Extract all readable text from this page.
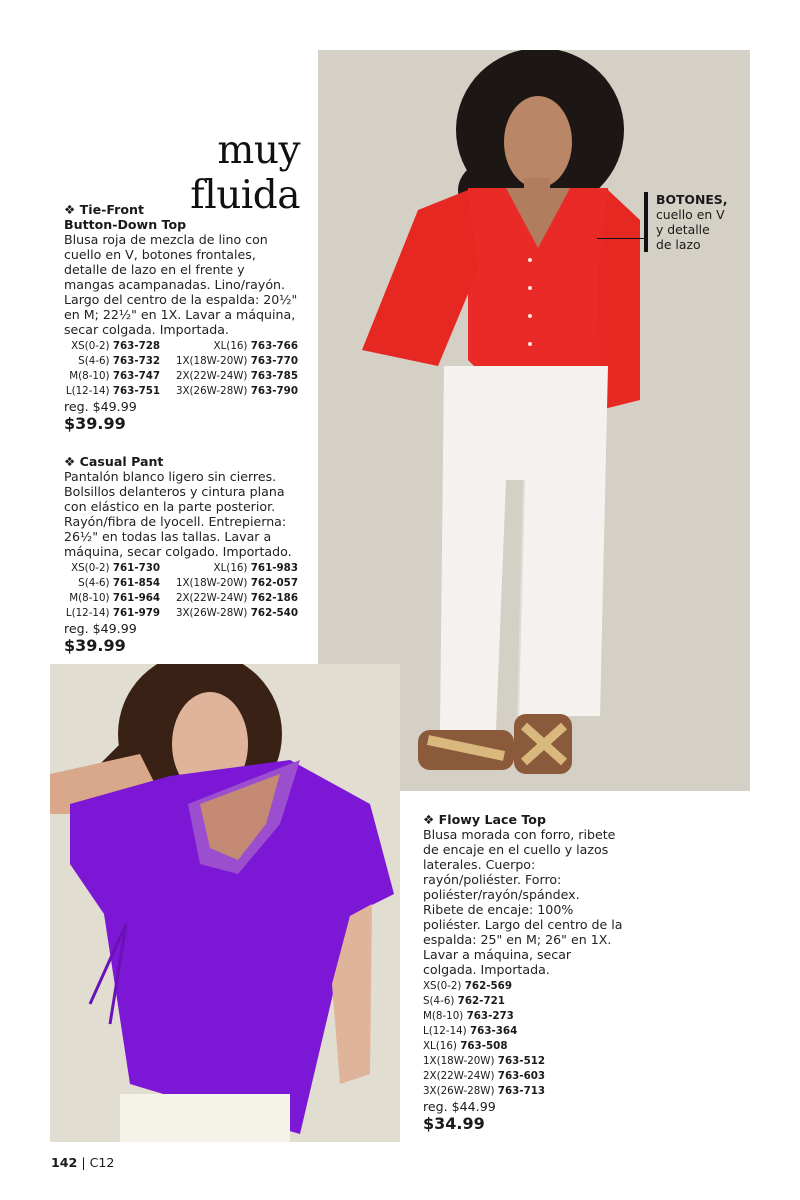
muy fluida	BOTONES,
cuello en V
y detalle
de lazo
❖ Tie-Front
Button-Down Top
Blusa roja de mezcla de lino con cuello en V, botones frontales, detalle de lazo en el frente y mangas acampanadas. Lino/rayón. Largo del centro de la espalda: 20½" en M; 22½" en 1X. Lavar a máquina, secar colgada. Importada.
XS(0-2) 763-728	XL(16) 763-766
S(4-6) 763-732 1X(18W-20W) 763-770
M(8-10) 763-747 2X(22W-24W) 763-785
L(12-14) 763-751 3X(26W-28W) 763-790
reg. $49.99
$39.99
❖ Casual Pant
Pantalón blanco ligero sin cierres. Bolsillos delanteros y cintura plana con elástico en la parte posterior. Rayón/fibra de lyocell. Entrepierna: 26½" en todas las tallas. Lavar a máquina, secar colgado. Importado.
XS(0-2) 761-730	XL(16) 761-983
S(4-6) 761-854 1X(18W-20W) 762-057
M(8-10) 761-964 2X(22W-24W) 762-186
L(12-14) 761-979 3X(26W-28W) 762-540
reg. $49.99
$39.99
❖ Flowy Lace Top
Blusa morada con forro, ribete de encaje en el cuello y lazos laterales. Cuerpo: rayón/poliéster. Forro: poliéster/rayón/spándex. Ribete de encaje: 100% poliéster. Largo del centro de la espalda: 25" en M; 26" en 1X. Lavar a máquina, secar colgada. Importada.
XS(0-2) 762-569
S(4-6) 762-721
M(8-10) 763-273
L(12-14) 763-364
XL(16) 763-508
1X(18W-20W) 763-512
2X(22W-24W) 763-603
3X(26W-28W) 763-713
reg. $44.99
$34.99
142 | C12
